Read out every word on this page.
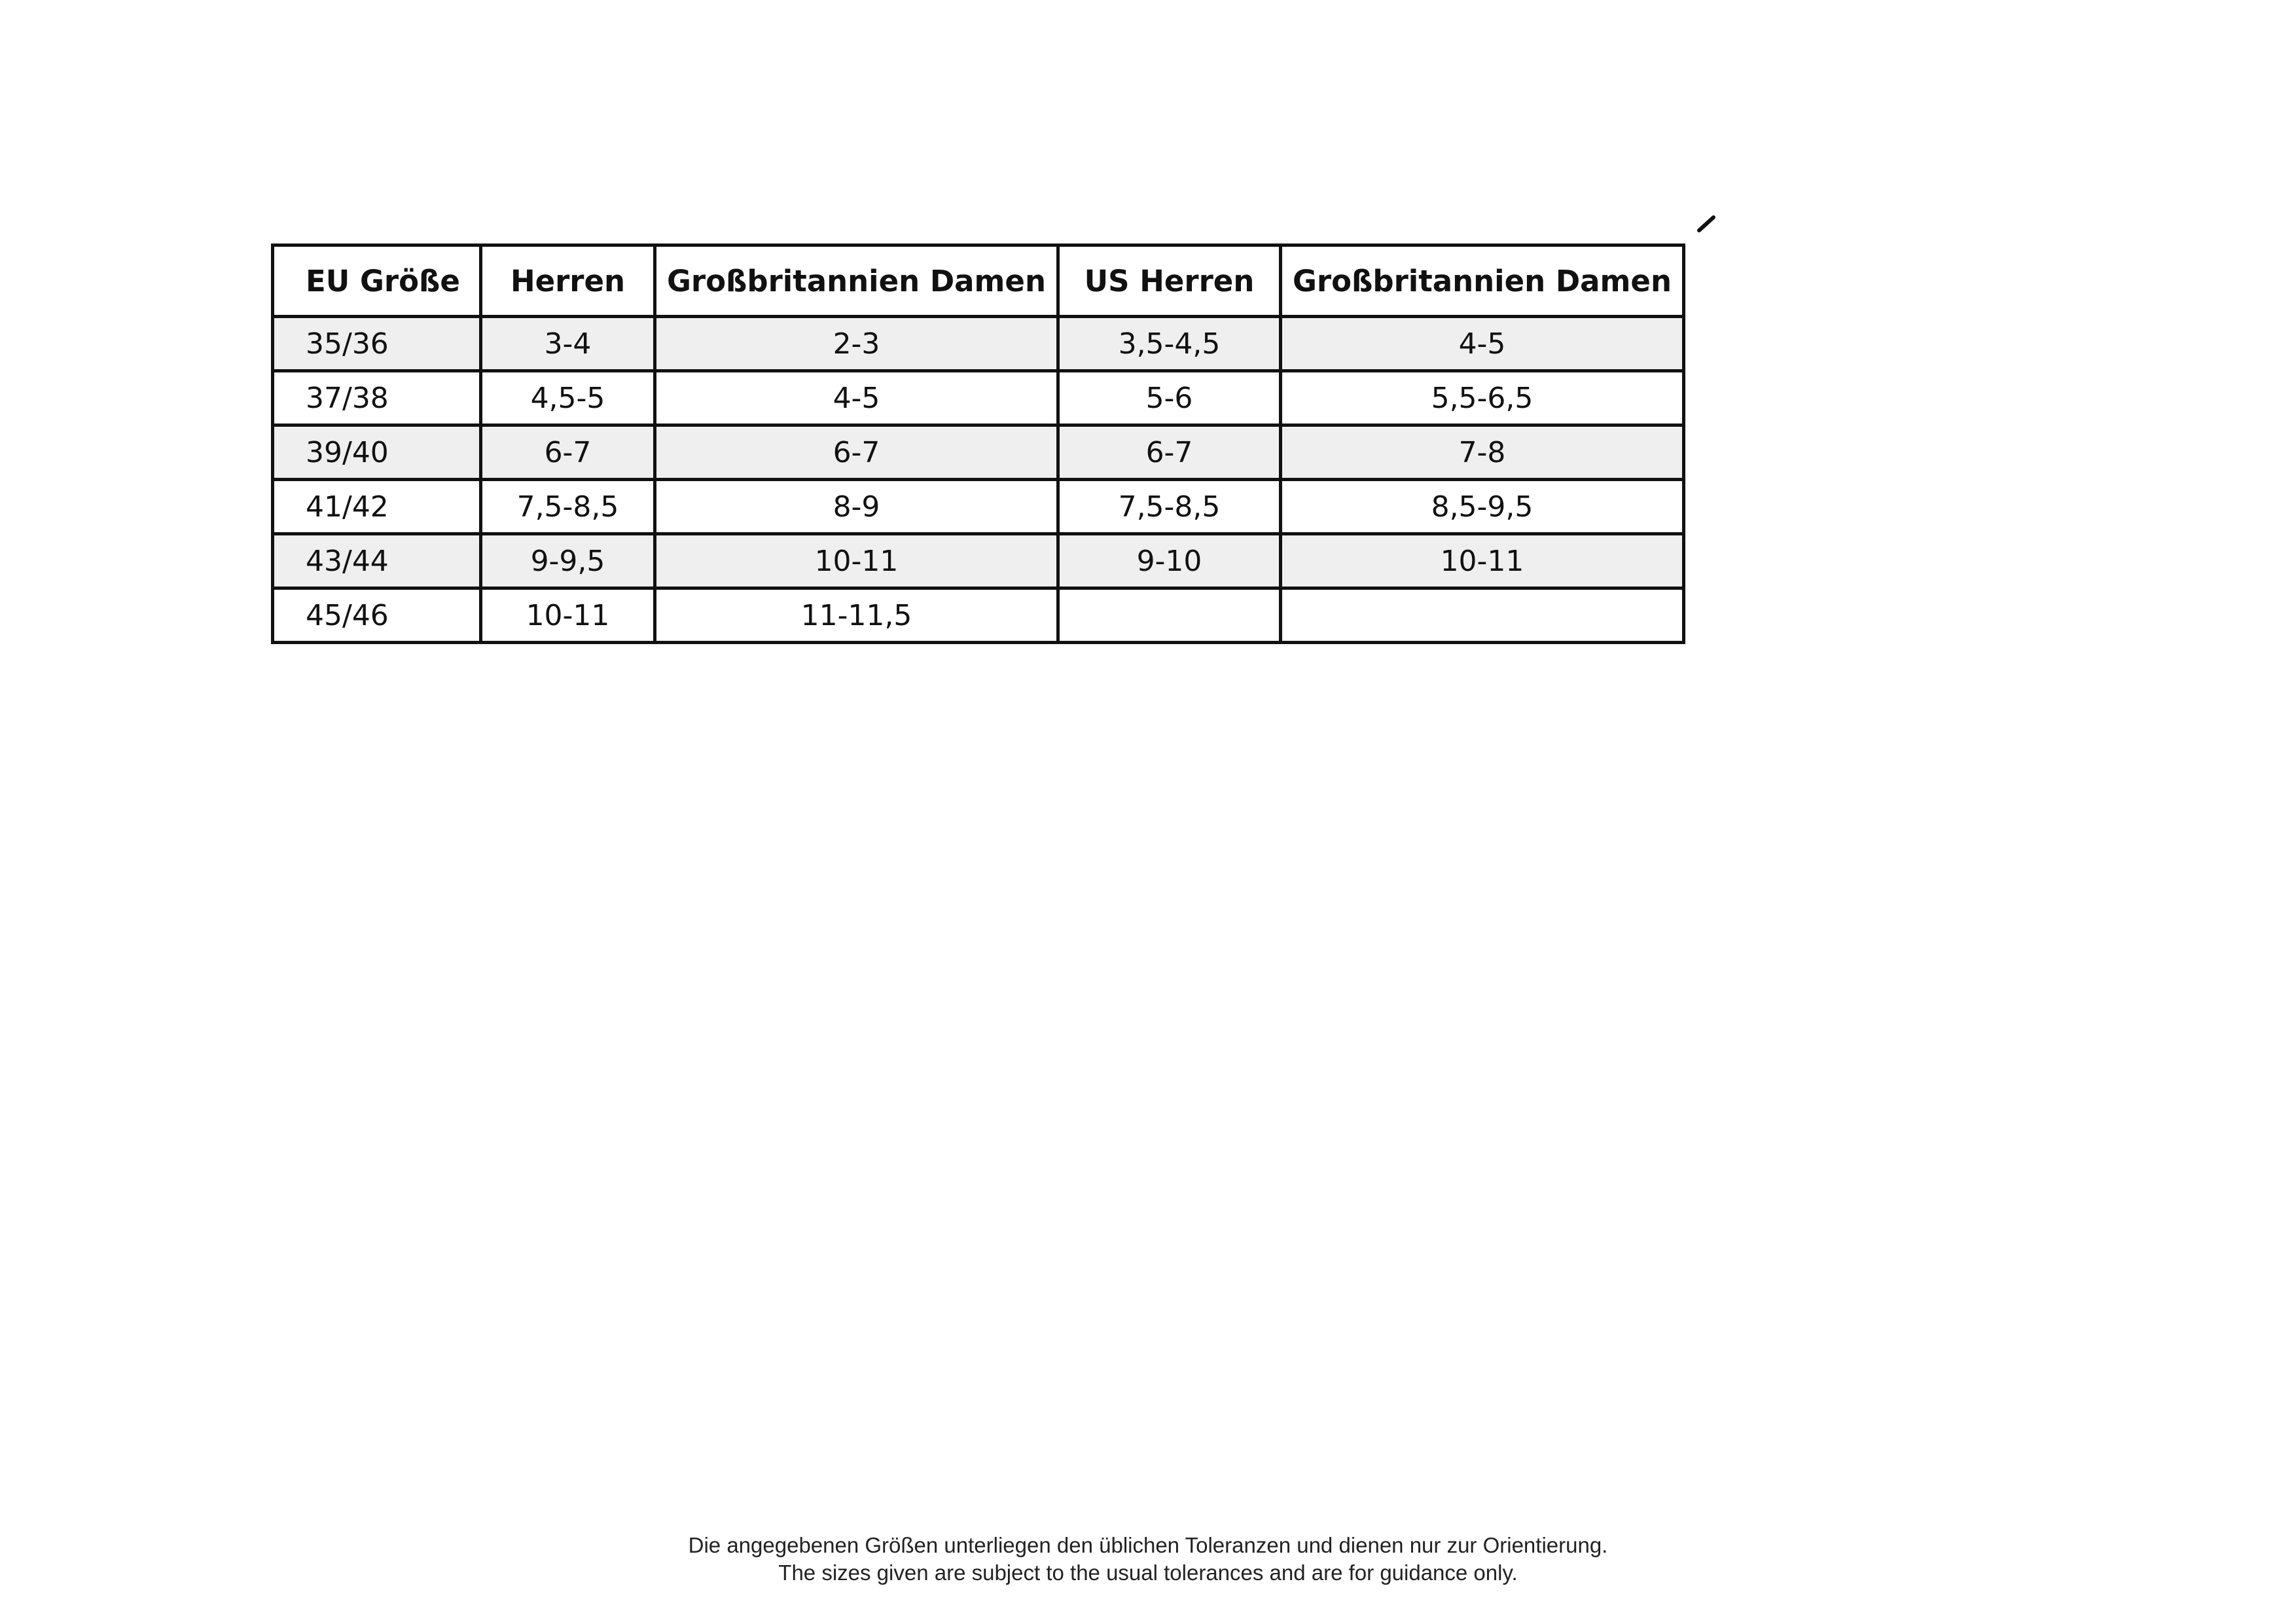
EU Größe	Herren	Großbritannien Damen	US Herren	Großbritannien Damen
35/36	3-4	2-3	3,5-4,5	4-5
37/38	4,5-5	4-5	5-6	5,5-6,5
39/40	6-7	6-7	6-7	7-8
41/42	7,5-8,5	8-9	7,5-8,5	8,5-9,5
43/44	9-9,5	10-11	9-10	10-11
45/46	10-11	11-11,5		
Die angegebenen Größen unterliegen den üblichen Toleranzen und dienen nur zur Orientierung.
The sizes given are subject to the usual tolerances and are for guidance only.
